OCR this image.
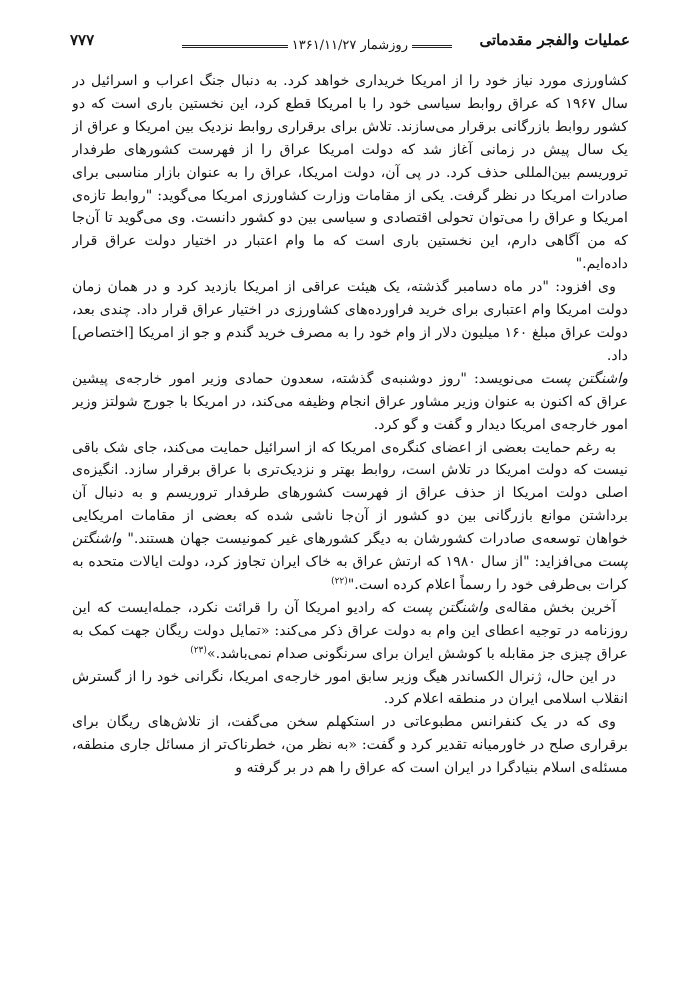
عملیات والفجر مقدماتی
روزشمار ۱۳۶۱/۱۱/۲۷
۷۷۷

کشاورزی مورد نیاز خود را از امریکا خریداری خواهد کرد. به دنبال جنگ اعراب و اسرائیل در سال ۱۹۶۷ که عراق روابط سیاسی خود را با امریکا قطع کرد، این نخستین باری است که دو کشور روابط بازرگانی برقرار می‌سازند. تلاش برای برقراری روابط نزدیک بین امریکا و عراق از یک سال پیش در زمانی آغاز شد که دولت امریکا عراق را از فهرست کشورهای طرفدار تروریسم بین‌المللی حذف کرد. در پی آن، دولت امریکا، عراق را به عنوان بازار مناسبی برای صادرات امریکا در نظر گرفت. یکی از مقامات وزارت کشاورزی امریکا می‌گوید: "روابط تازه‌ی امریکا و عراق را می‌توان تحولی اقتصادی و سیاسی بین دو کشور دانست. وی می‌گوید تا آن‌جا که من آگاهی دارم، این نخستین باری است که ما وام اعتبار در اختیار دولت عراق قرار داده‌ایم."

وی افزود: "در ماه دسامبر گذشته، یک هیئت عراقی از امریکا بازدید کرد و در همان زمان دولت امریکا وام اعتباری برای خرید فراورده‌های کشاورزی در اختیار عراق قرار داد. چندی بعد، دولت عراق مبلغ ۱۶۰ میلیون دلار از وام خود را به مصرف خرید گندم و جو از امریکا [اختصاص] داد.

واشنگتن پست می‌نویسد: "روز دوشنبه‌ی گذشته، سعدون حمادی وزیر امور خارجه‌ی پیشین عراق که اکنون به عنوان وزیر مشاور عراق انجام وظیفه می‌کند، در امریکا با جورج شولتز وزیر امور خارجه‌ی امریکا دیدار و گفت و گو کرد.

به رغم حمایت بعضی از اعضای کنگره‌ی امریکا که از اسرائیل حمایت می‌کند، جای شک باقی نیست که دولت امریکا در تلاش است، روابط بهتر و نزدیک‌تری با عراق برقرار سازد. انگیزه‌ی اصلی دولت امریکا از حذف عراق از فهرست کشورهای طرفدار تروریسم و به دنبال آن برداشتن موانع بازرگانی بین دو کشور از آن‌جا ناشی شده که بعضی از مقامات امریکایی خواهان توسعه‌ی صادرات کشورشان به دیگر کشورهای غیر کمونیست جهان هستند." واشنگتن پست می‌افزاید: "از سال ۱۹۸۰ که ارتش عراق به خاک ایران تجاوز کرد، دولت ایالات متحده به کرات بی‌طرفی خود را رسماً اعلام کرده است."$^{(۲۲)}$

آخرین بخش مقاله‌ی واشنگتن پست که رادیو امریکا آن را قرائت نکرد، جمله‌ایست که این روزنامه در توجیه اعطای این وام به دولت عراق ذکر می‌کند: «تمایل دولت ریگان جهت کمک به عراق چیزی جز مقابله با کوشش ایران برای سرنگونی صدام نمی‌باشد.»$^{(۲۳)}$

در این حال، ژنرال الکساندر هیگ وزیر سابق امور خارجه‌ی امریکا، نگرانی خود را از گسترش انقلاب اسلامی ایران در منطقه اعلام کرد.

وی که در یک کنفرانس مطبوعاتی در استکهلم سخن می‌گفت، از تلاش‌های ریگان برای برقراری صلح در خاورمیانه تقدیر کرد و گفت: «به نظر من، خطرناک‌تر از مسائل جاری منطقه، مسئله‌ی اسلام بنیادگرا در ایران است که عراق را هم در بر گرفته و
